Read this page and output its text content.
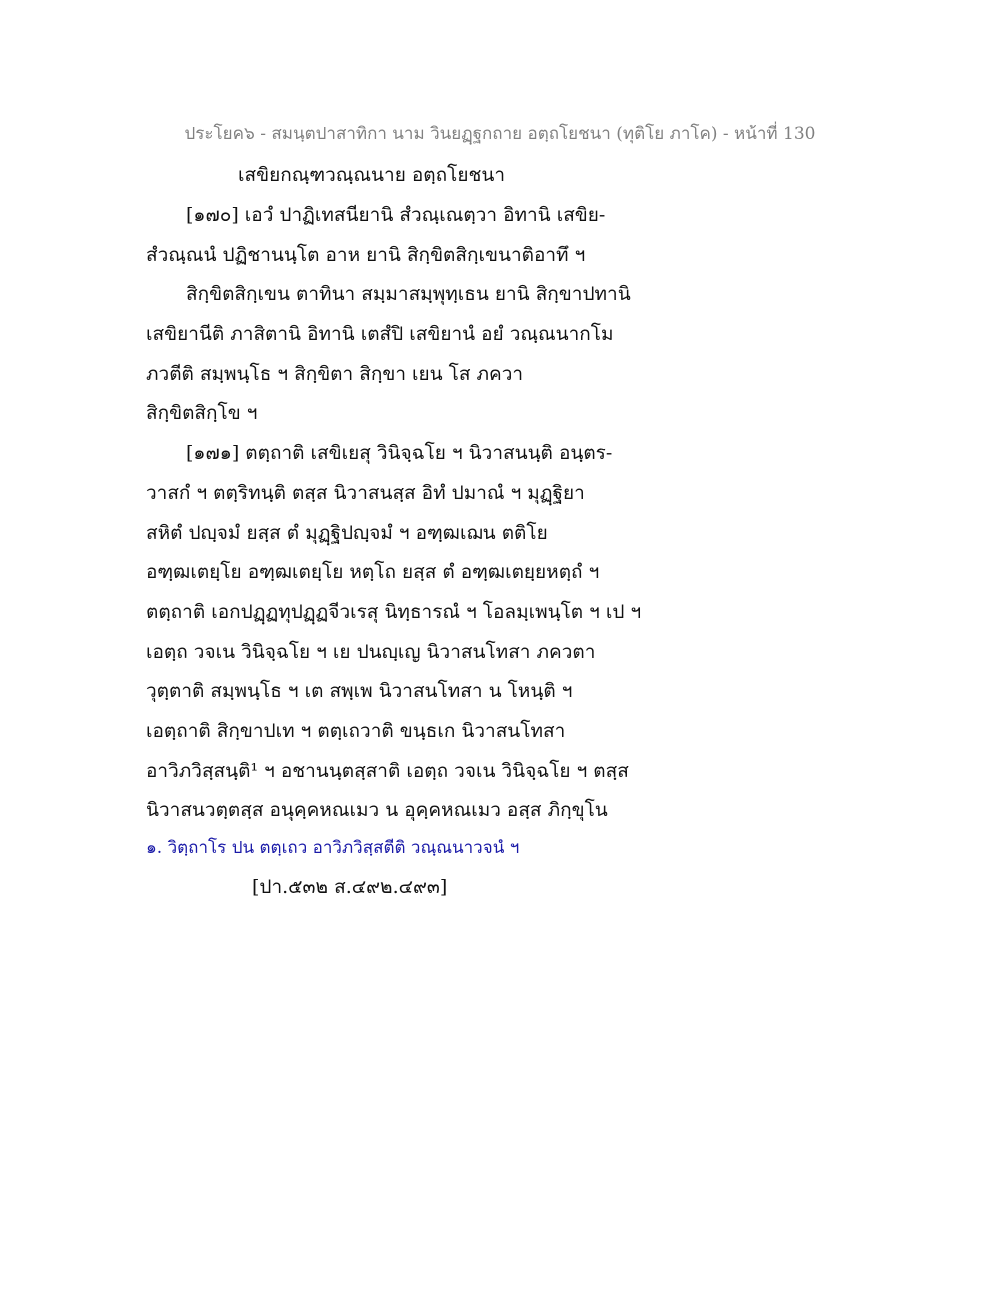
ประโยค๖ - สมนฺตปาสาทิกา นาม วินยฏฺฐกถาย อตฺถโยชนา (ทุติโย ภาโค) - หน้าที่ 130
เสขิยกณฺฑวณฺณนาย อตฺถโยชนา
[๑๗๐] เอวํ ปาฏิเทสนียานิ สํวณฺเณตฺวา อิทานิ เสขิย-
สํวณฺณนํ ปฏิชานนฺโต อาห ยานิ สิกฺขิตสิกฺเขนาติอาทึ ฯ
สิกฺขิตสิกฺเขน ตาทินา สมฺมาสมฺพุทฺเธน ยานิ สิกฺขาปทานิ
เสขิยานีติ ภาสิตานิ อิทานิ เตสํปิ เสขิยานํ อยํ วณฺณนากโม
ภวตีติ สมฺพนฺโธ ฯ สิกฺขิตา สิกฺขา เยน โส ภควา
สิกฺขิตสิกฺโข ฯ
[๑๗๑] ตตฺถาติ เสขิเยสุ วินิจฺฉโย ฯ นิวาสนนฺติ อนฺตร-
วาสกํ ฯ ตตฺริทนฺติ ตสฺส นิวาสนสฺส อิทํ ปมาณํ ฯ มุฏฺฐิยา
สหิตํ ปญฺจมํ ยสฺส ตํ มุฏฺฐิปญฺจมํ ฯ อฑฺฒเฌน ตติโย
อฑฺฒเตยฺโย อฑฺฒเตยฺโย หตฺโถ ยสฺส ตํ อฑฺฒเตยฺยหตฺถํ ฯ
ตตฺถาติ เอกปฏฺฏทุปฏฺฏจีวเรสุ นิทฺธารณํ ฯ โอลมฺเพนฺโต ฯ เป ฯ
เอตฺถ วจเน วินิจฺฉโย ฯ เย ปนญฺเญ นิวาสนโทสา ภควตา
วุตฺตาติ สมฺพนฺโธ ฯ เต สพฺเพ นิวาสนโทสา น โหนฺติ ฯ
เอตฺถาติ สิกฺขาปเท ฯ ตตฺเถวาติ ขนฺธเก นิวาสนโทสา
อาวิภวิสฺสนฺติ¹ ฯ อชานนฺตสฺสาติ เอตฺถ วจเน วินิจฺฉโย ฯ ตสฺส
นิวาสนวตฺตสฺส อนุคฺคหณเมว น อุคฺคหณเมว อสฺส ภิกฺขุโน
๑. วิตฺถาโร ปน ตตฺเถว อาวิภวิสฺสตีติ วณฺณนาวจนํ ฯ
[ปา.๕๓๒ ส.๔๙๒.๔๙๓]
